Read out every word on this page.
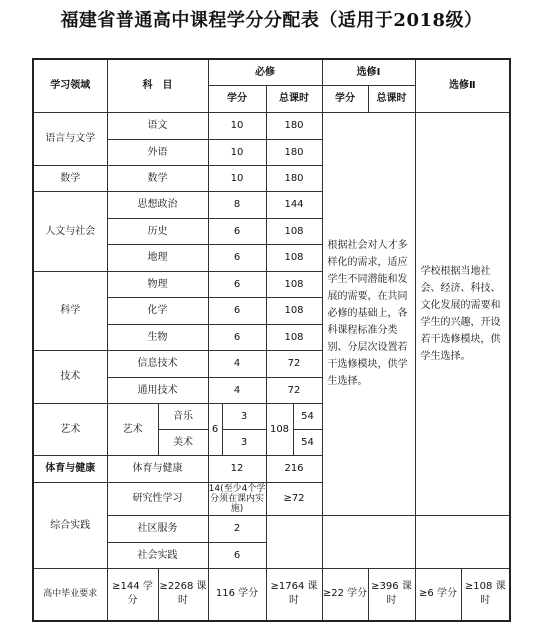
福建省普通高中课程学分分配表（适用于2018级）
学习领域	科　目		必修				选修Ⅰ		选修Ⅱ	
			学分		总课时		学分	总课时		
语言与文学	语文		10		180		根据社会对人才多样化的需求，适应学生不同潜能和发展的需要，在共同必修的基础上，各科课程标准分类别、分层次设置若干选修模块，供学生选择。		学校根据当地社会、经济、科技、文化发展的需要和学生的兴趣，开设若干选修模块，供学生选择。	
	外语		10		180					
数学	数学		10		180					
人文与社会	思想政治		8		144					
	历史		6		108					
	地理		6		108					
科学	物理		6		108					
	化学		6		108					
	生物		6		108					
技术	信息技术		4		72					
	通用技术		4		72					
艺术	艺术	音乐	6	3	108	54				
		美术		3		54				
体育与健康	体育与健康		12		216					
综合实践	研究性学习		14(至少4个学分须在课内实施)		≥72					
	社区服务		2							
	社会实践		6							
高中毕业要求	≥144 学分	≥2268 课时	116 学分		≥1764 课时		≥22 学分	≥396 课时	≥6 学分	≥108 课时
